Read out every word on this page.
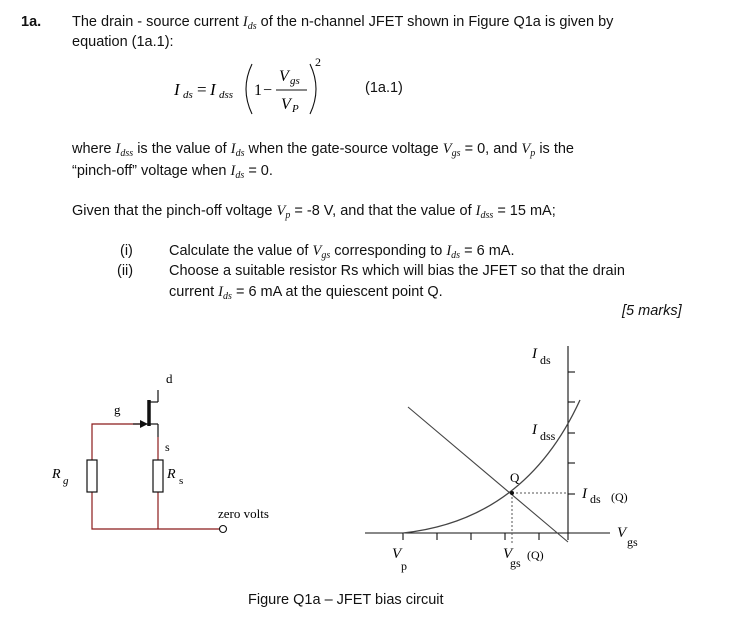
1a. The drain - source current $I_{ds}$ of the n-channel JFET shown in Figure Q1a is given by
equation (1a.1):
I ds = I dss 1 −
V gs
V P
2
(1a.1)
where $I_{dss}$ is the value of $I_{ds}$ when the gate-source voltage $V_{gs} = 0$, and $V_p$ is the
“pinch-off” voltage when $I_{ds} = 0$.
Given that the pinch-off voltage $V_p = -8$ V, and that the value of $I_{dss} = 15$ mA;
(i) Calculate the value of $V_{gs}$ corresponding to $I_{ds} = 6$ mA.
(ii) Choose a suitable resistor Rs which will bias the JFET so that the drain
current $I_{ds} = 6$ mA at the quiescent point Q.
[5 marks]
d
g
s
R g	R s
zero volts
I ds
I dss
Q
I ds (Q)
V
gs
V
p
V
gs
(Q)
Figure Q1a – JFET bias circuit
